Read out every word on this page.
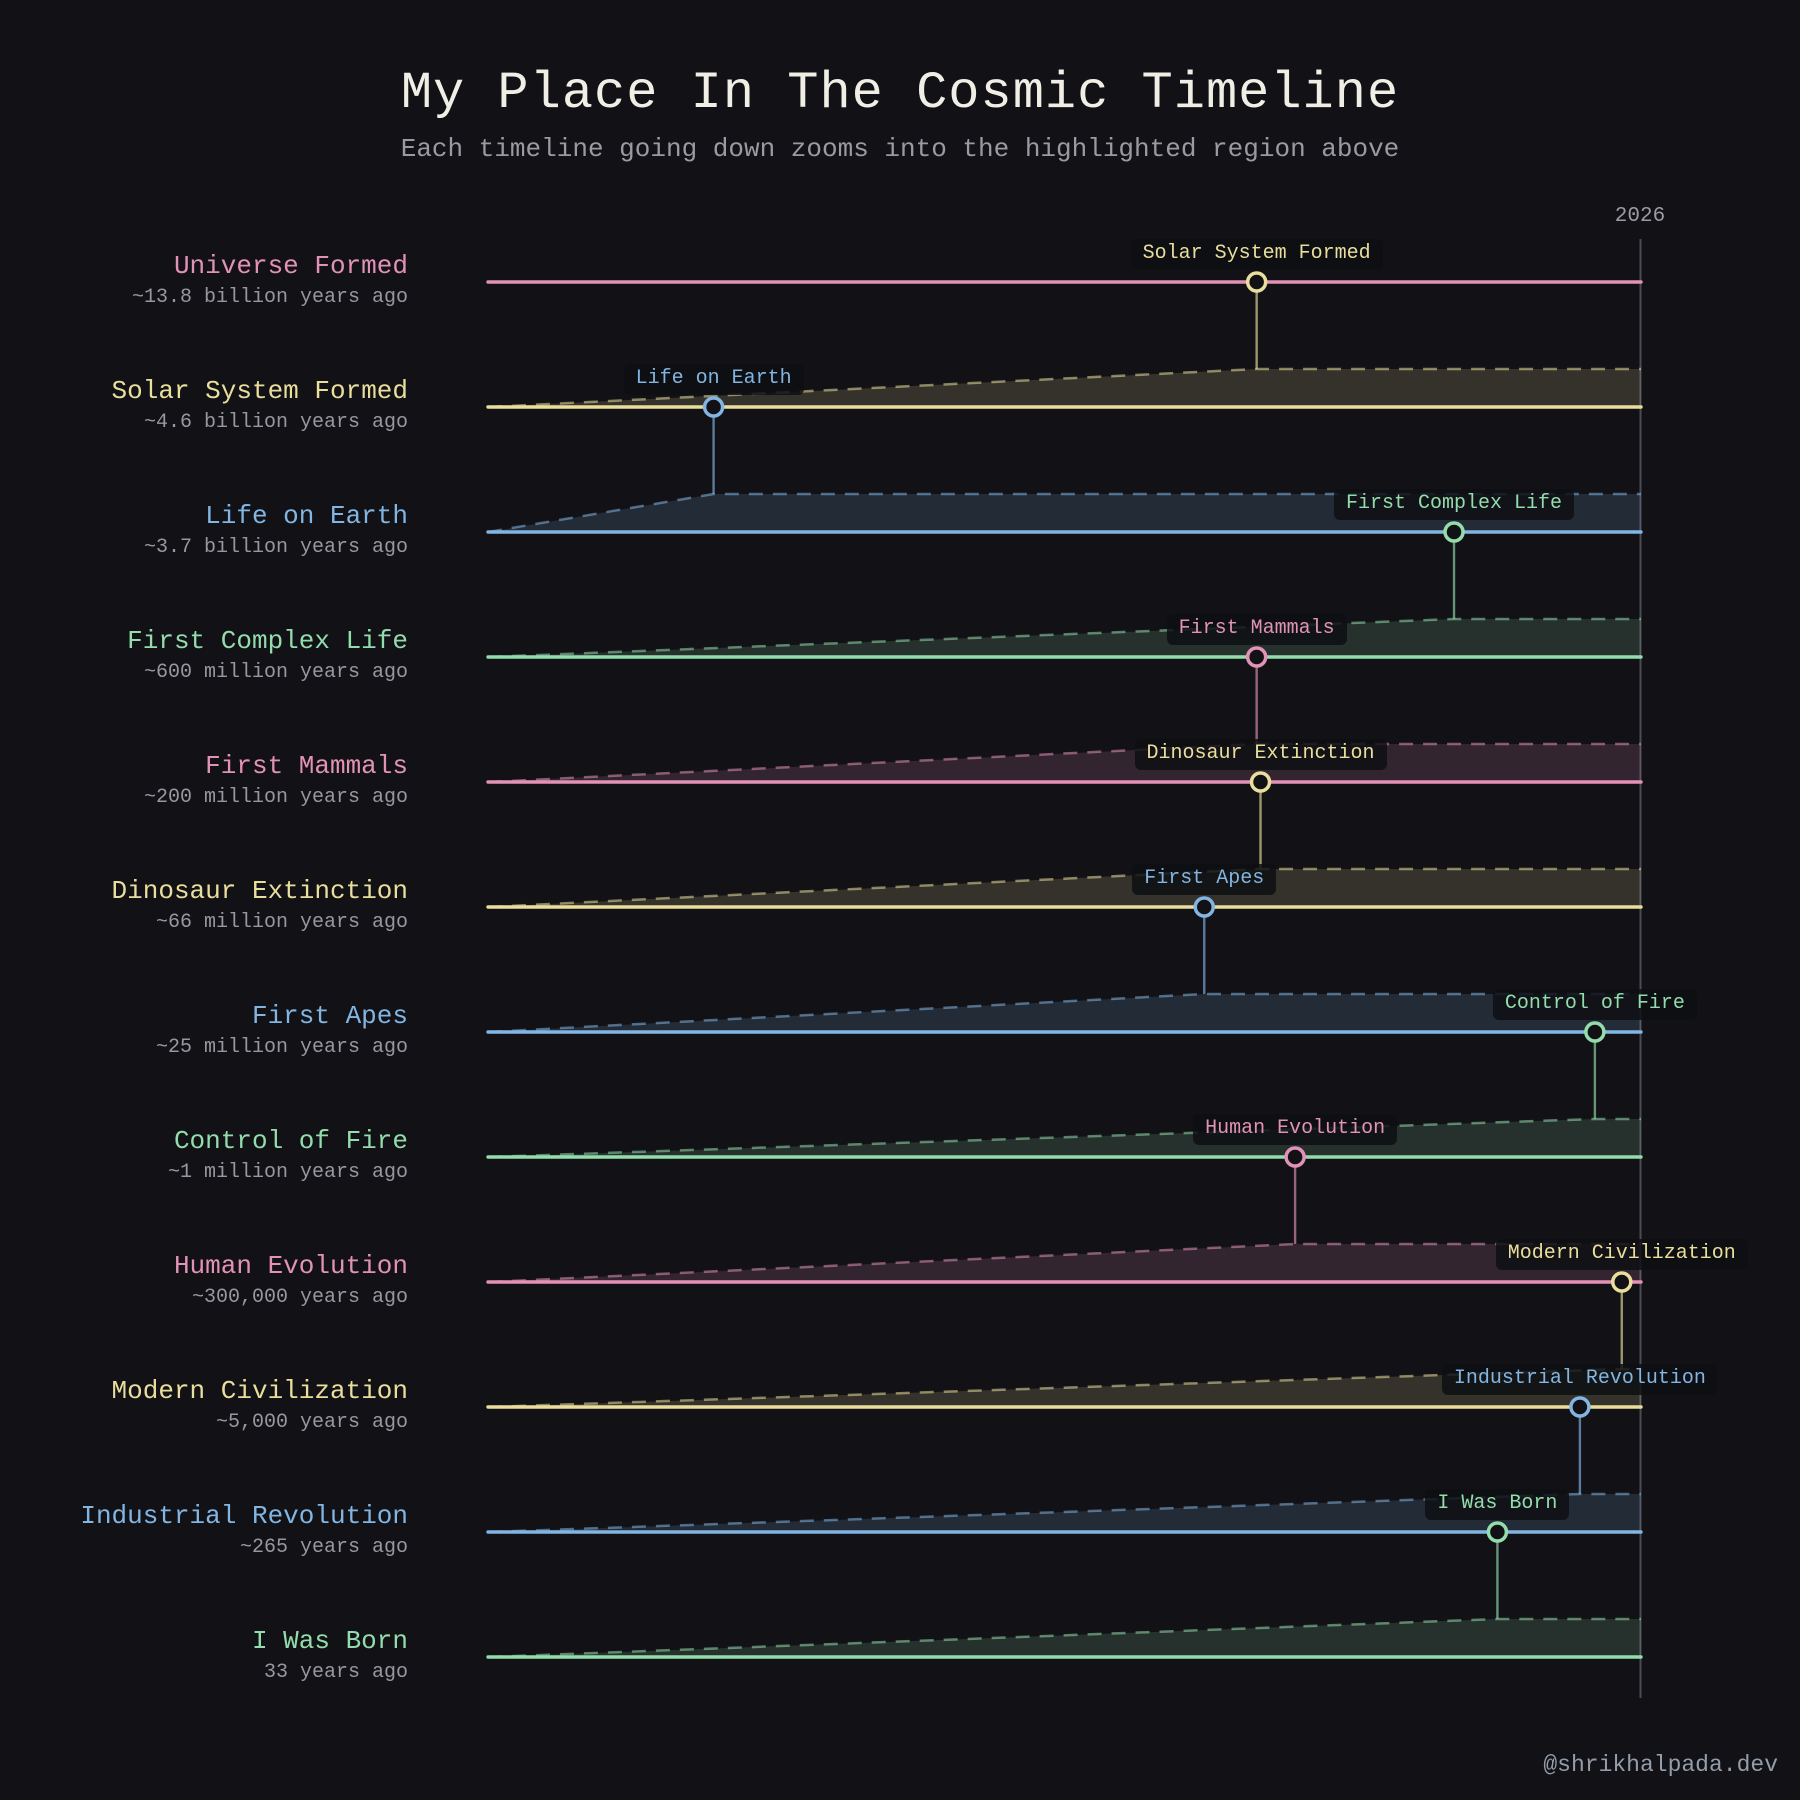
My Place In The Cosmic Timeline
Each timeline going down zooms into the highlighted region above
2026
Universe Formed
~13.8 billion years ago
Solar System Formed
~4.6 billion years ago
Life on Earth
~3.7 billion years ago
First Complex Life
~600 million years ago
First Mammals
~200 million years ago
Dinosaur Extinction
~66 million years ago
First Apes
~25 million years ago
Control of Fire
~1 million years ago
Human Evolution
~300,000 years ago
Modern Civilization
~5,000 years ago
Industrial Revolution
~265 years ago
I Was Born
33 years ago
Solar System Formed
Life on Earth
First Complex Life
First Mammals
Dinosaur Extinction
First Apes
Control of Fire
Human Evolution
Modern Civilization
Industrial Revolution
I Was Born
@shrikhalpada.dev
